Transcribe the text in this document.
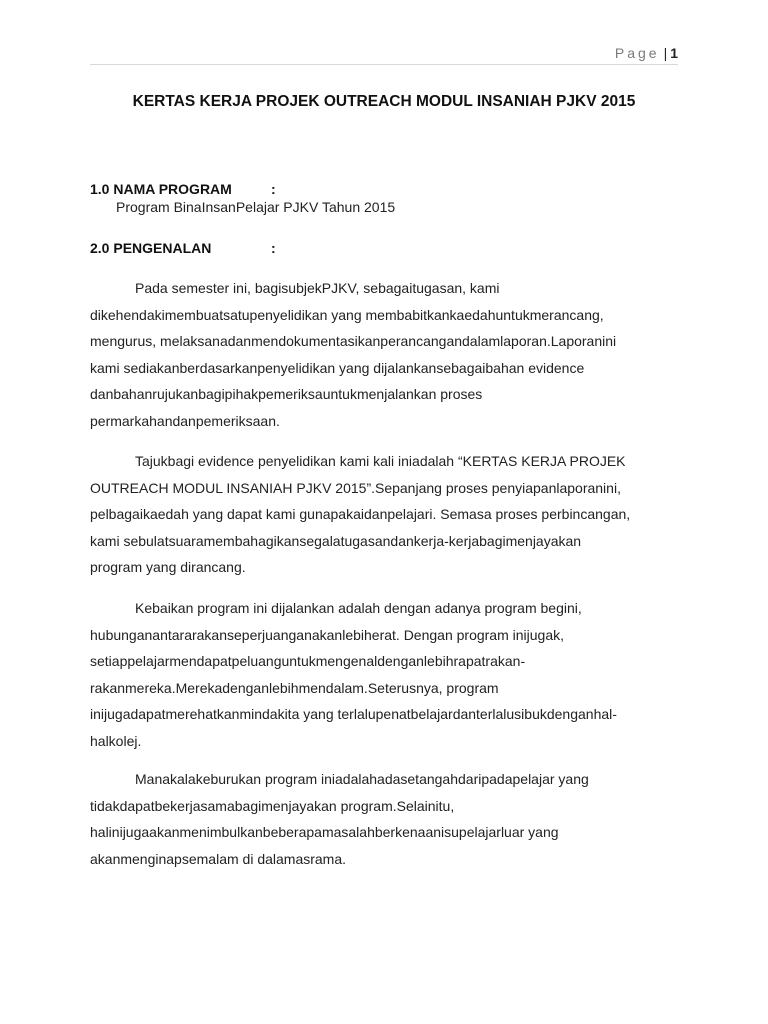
Page | 1
KERTAS KERJA PROJEK OUTREACH MODUL INSANIAH PJKV 2015
1.0 NAMA PROGRAM	:
Program BinaInsanPelajar PJKV Tahun 2015
2.0 PENGENALAN	:
Pada semester ini, bagisubjekPJKV, sebagaitugasan, kami
dikehendakimembuatsatupenyelidikan yang membabitkankaedahuntukmerancang,
mengurus, melaksanadanmendokumentasikanperancangandalamlaporan.Laporanini
kami sediakanberdasarkanpenyelidikan yang dijalankansebagaibahan evidence
danbahanrujukanbagipihakpemeriksauntukmenjalankan proses
permarkahandanpemeriksaan.
Tajukbagi evidence penyelidikan kami kali iniadalah “KERTAS KERJA PROJEK
OUTREACH MODUL INSANIAH PJKV 2015”.Sepanjang proses penyiapanlaporanini,
pelbagaikaedah yang dapat kami gunapakaidanpelajari. Semasa proses perbincangan,
kami sebulatsuaramembahagikansegalatugasandankerja-kerjabagimenjayakan
program yang dirancang.
Kebaikan program ini dijalankan adalah dengan adanya program begini,
hubunganantararakanseperjuanganakanlebiherat. Dengan program inijugak,
setiappelajarmendapatpeluanguntukmengenaldenganlebihrapatrakan-
rakanmereka.Merekadenganlebihmendalam.Seterusnya, program
inijugadapatmerehatkanmindakita yang terlalupenatbelajardanterlalusibukdenganhal-
halkolej.
Manakalakeburukan program iniadalahadasetangahdaripadapelajar yang
tidakdapatbekerjasamabagimenjayakan program.Selainitu,
halinijugaakanmenimbulkanbeberapamasalahberkenaanisupelajarluar yang
akanmenginapsemalam di dalamasrama.
